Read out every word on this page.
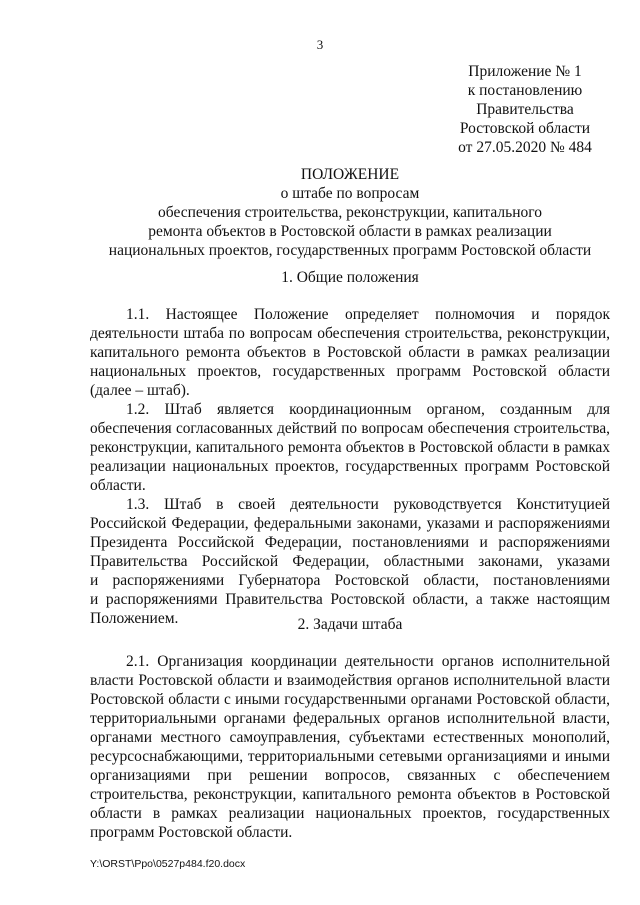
3
Приложение № 1
к постановлению
Правительства
Ростовской области
от 27.05.2020 № 484
ПОЛОЖЕНИЕ
о штабе по вопросам
обеспечения строительства, реконструкции, капитального
ремонта объектов в Ростовской области в рамках реализации
национальных проектов, государственных программ Ростовской области
1. Общие положения
1.1. Настоящее Положение определяет полномочия и порядок
деятельности штаба по вопросам обеспечения строительства, реконструкции,
капитального ремонта объектов в Ростовской области в рамках реализации
национальных проектов, государственных программ Ростовской области
(далее – штаб).
1.2. Штаб является координационным органом, созданным для
обеспечения согласованных действий по вопросам обеспечения строительства,
реконструкции, капитального ремонта объектов в Ростовской области в рамках
реализации национальных проектов, государственных программ Ростовской
области.
1.3. Штаб в своей деятельности руководствуется Конституцией
Российской Федерации, федеральными законами, указами и распоряжениями
Президента Российской Федерации, постановлениями и распоряжениями
Правительства Российской Федерации, областными законами, указами
и распоряжениями Губернатора Ростовской области, постановлениями
и распоряжениями Правительства Ростовской области, а также настоящим
Положением.	2. Задачи штаба
2.1. Организация координации деятельности органов исполнительной
власти Ростовской области и взаимодействия органов исполнительной власти
Ростовской области с иными государственными органами Ростовской области,
территориальными органами федеральных органов исполнительной власти,
органами местного самоуправления, субъектами естественных монополий,
ресурсоснабжающими, территориальными сетевыми организациями и иными
организациями при решении вопросов, связанных с обеспечением
строительства, реконструкции, капитального ремонта объектов в Ростовской
области в рамках реализации национальных проектов, государственных
программ Ростовской области.
Y:\ORST\Ppo\0527p484.f20.docx
